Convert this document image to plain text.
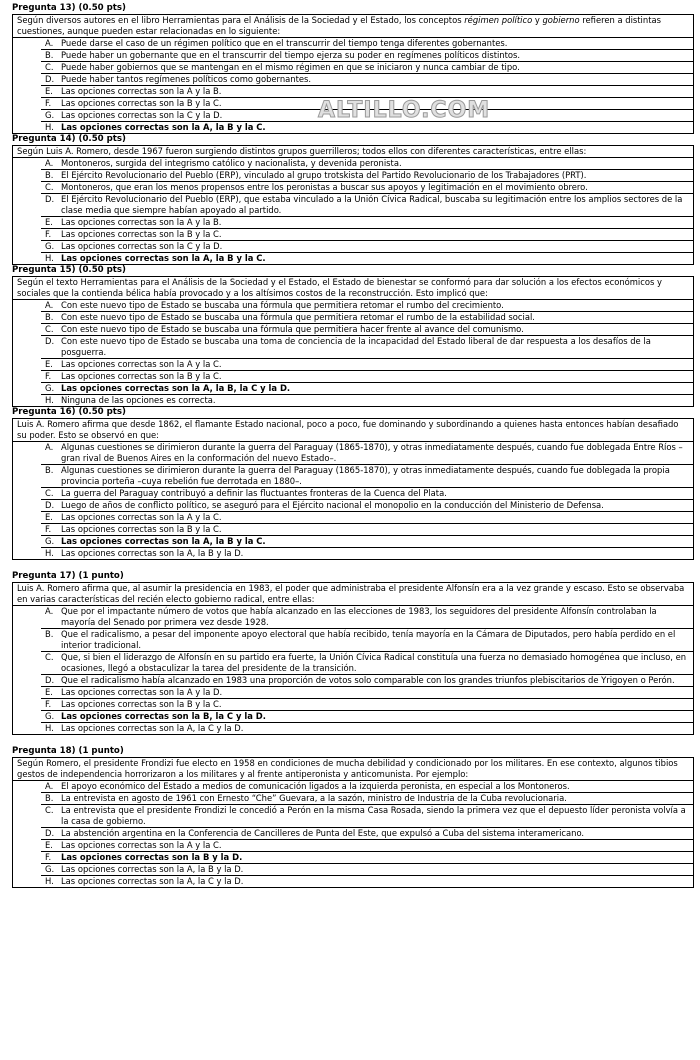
Pregunta 13) (0.50 pts)
Según diversos autores en el libro Herramientas para el Análisis de la Sociedad y el Estado, los conceptos régimen político y gobierno refieren a distintas cuestiones, aunque pueden estar relacionadas en lo siguiente:
A. Puede darse el caso de un régimen político que en el transcurrir del tiempo tenga diferentes gobernantes.
B. Puede haber un gobernante que en el transcurrir del tiempo ejerza su poder en regímenes políticos distintos.
C. Puede haber gobiernos que se mantengan en el mismo régimen en que se iniciaron y nunca cambiar de tipo.
D. Puede haber tantos regímenes políticos como gobernantes.
E. Las opciones correctas son la A y la B.
F.	Las opciones correctas son la B y la C.
G. Las opciones correctas son la C y la D.
H. Las opciones correctas son la A, la B y la C.
Pregunta 14) (0.50 pts)
Según Luis A. Romero, desde 1967 fueron surgiendo distintos grupos guerrilleros; todos ellos con diferentes características, entre ellas:
A. Montoneros, surgida del integrismo católico y nacionalista, y devenida peronista.
B. El Ejército Revolucionario del Pueblo (ERP), vinculado al grupo trotskista del Partido Revolucionario de los Trabajadores (PRT).
C. Montoneros, que eran los menos propensos entre los peronistas a buscar sus apoyos y legitimación en el movimiento obrero.
D. El Ejército Revolucionario del Pueblo (ERP), que estaba vinculado a la Unión Cívica Radical, buscaba su legitimación entre los amplios sectores de la clase media que siempre habían apoyado al partido.
E. Las opciones correctas son la A y la B.
F.	Las opciones correctas son la B y la C.
G. Las opciones correctas son la C y la D.
H. Las opciones correctas son la A, la B y la C.
Pregunta 15) (0.50 pts)
Según el texto Herramientas para el Análisis de la Sociedad y el Estado, el Estado de bienestar se conformó para dar solución a los efectos económicos y sociales que la contienda bélica había provocado y a los altísimos costos de la reconstrucción. Esto implicó que:
A. Con este nuevo tipo de Estado se buscaba una fórmula que permitiera retomar el rumbo del crecimiento.
B. Con este nuevo tipo de Estado se buscaba una fórmula que permitiera retomar el rumbo de la estabilidad social.
C. Con este nuevo tipo de Estado se buscaba una fórmula que permitiera hacer frente al avance del comunismo.
D. Con este nuevo tipo de Estado se buscaba una toma de conciencia de la incapacidad del Estado liberal de dar respuesta a los desafíos de la posguerra.
E. Las opciones correctas son la A y la C.
F.	Las opciones correctas son la B y la C.
G. Las opciones correctas son la A, la B, la C y la D.
H. Ninguna de las opciones es correcta.
Pregunta 16) (0.50 pts)
Luis A. Romero afirma que desde 1862, el flamante Estado nacional, poco a poco, fue dominando y subordinando a quienes hasta entonces habían desafiado su poder. Esto se observó en que:
A. Algunas cuestiones se dirimieron durante la guerra del Paraguay (1865-1870), y otras inmediatamente después, cuando fue doblegada Entre Ríos –gran rival de Buenos Aires en la conformación del nuevo Estado–.
B. Algunas cuestiones se dirimieron durante la guerra del Paraguay (1865-1870), y otras inmediatamente después, cuando fue doblegada la propia provincia porteña –cuya rebelión fue derrotada en 1880–.
C. La guerra del Paraguay contribuyó a definir las fluctuantes fronteras de la Cuenca del Plata.
D. Luego de años de conflicto político, se aseguró para el Ejército nacional el monopolio en la conducción del Ministerio de Defensa.
E. Las opciones correctas son la A y la C.
F.	Las opciones correctas son la B y la C.
G. Las opciones correctas son la A, la B y la C.
H. Las opciones correctas son la A, la B y la D.
Pregunta 17) (1 punto)
Luis A. Romero afirma que, al asumir la presidencia en 1983, el poder que administraba el presidente Alfonsín era a la vez grande y escaso. Esto se observaba en varias características del recién electo gobierno radical, entre ellas:
A. Que por el impactante número de votos que había alcanzado en las elecciones de 1983, los seguidores del presidente Alfonsín controlaban la mayoría del Senado por primera vez desde 1928.
B. Que el radicalismo, a pesar del imponente apoyo electoral que había recibido, tenía mayoría en la Cámara de Diputados, pero había perdido en el interior tradicional.
C. Que, si bien el liderazgo de Alfonsín en su partido era fuerte, la Unión Cívica Radical constituía una fuerza no demasiado homogénea que incluso, en ocasiones, llegó a obstaculizar la tarea del presidente de la transición.
D. Que el radicalismo había alcanzado en 1983 una proporción de votos solo comparable con los grandes triunfos plebiscitarios de Yrigoyen o Perón.
E. Las opciones correctas son la A y la D.
F.	Las opciones correctas son la B y la C.
G. Las opciones correctas son la B, la C y la D.
H. Las opciones correctas son la A, la C y la D.
Pregunta 18) (1 punto)
Según Romero, el presidente Frondizi fue electo en 1958 en condiciones de mucha debilidad y condicionado por los militares. En ese contexto, algunos tibios gestos de independencia horrorizaron a los militares y al frente antiperonista y anticomunista. Por ejemplo:
A. El apoyo económico del Estado a medios de comunicación ligados a la izquierda peronista, en especial a los Montoneros.
B. La entrevista en agosto de 1961 con Ernesto “Che” Guevara, a la sazón, ministro de Industria de la Cuba revolucionaria.
C. La entrevista que el presidente Frondizi le concedió a Perón en la misma Casa Rosada, siendo la primera vez que el depuesto líder peronista volvía a la casa de gobierno.
D. La abstención argentina en la Conferencia de Cancilleres de Punta del Este, que expulsó a Cuba del sistema interamericano.
E. Las opciones correctas son la A y la C.
F.	Las opciones correctas son la B y la D.
G. Las opciones correctas son la A, la B y la D.
H. Las opciones correctas son la A, la C y la D.
ALTILLO.COM
